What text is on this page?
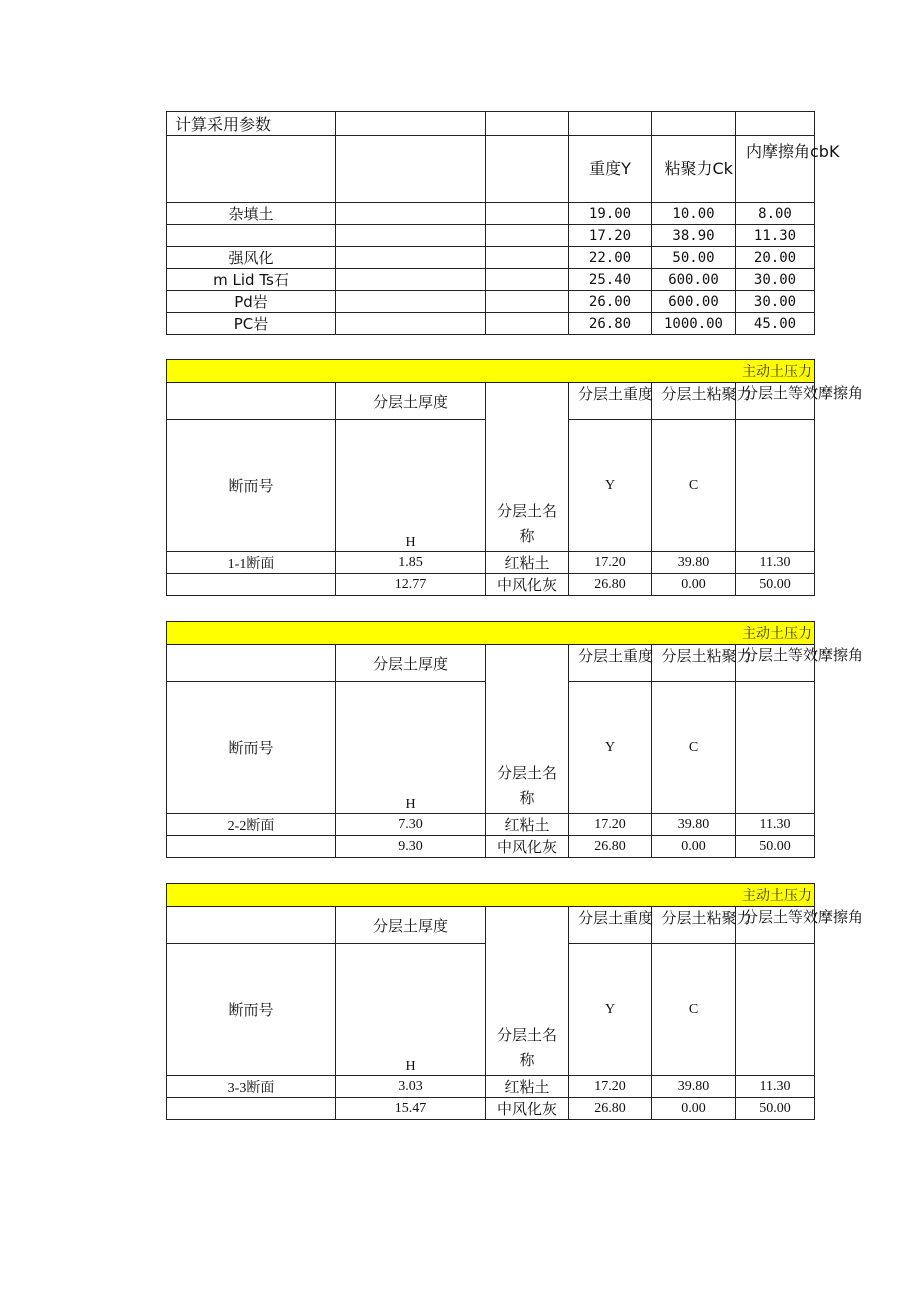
计算采用参数					
			重度Y	粘聚力Ck	内摩擦角cbK

杂填土			19.00	10.00	8.00
			17.20	38.90	11.30
强风化			22.00	50.00	20.00
m Lid Ts石			25.40	600.00	30.00
Pd岩			26.00	600.00	30.00
PC岩			26.80	1000.00	45.00
主动土压力					
	分层土厚度	分层土名称	分层土重度	分层土粘聚力	分层土等效摩擦角

断而号	H		Y	C	
1-1断面	1.85	红粘土	17.20	39.80	11.30
	12.77	中风化灰	26.80	0.00	50.00
主动土压力					
	分层土厚度	分层土名称	分层土重度	分层土粘聚力	分层土等效摩擦角

断而号	H		Y	C	
2-2断面	7.30	红粘土	17.20	39.80	11.30
	9.30	中风化灰	26.80	0.00	50.00
主动土压力					
	分层土厚度	分层土名称	分层土重度	分层土粘聚力	分层土等效摩擦角

断而号	H		Y	C	
3-3断面	3.03	红粘土	17.20	39.80	11.30
	15.47	中风化灰	26.80	0.00	50.00
